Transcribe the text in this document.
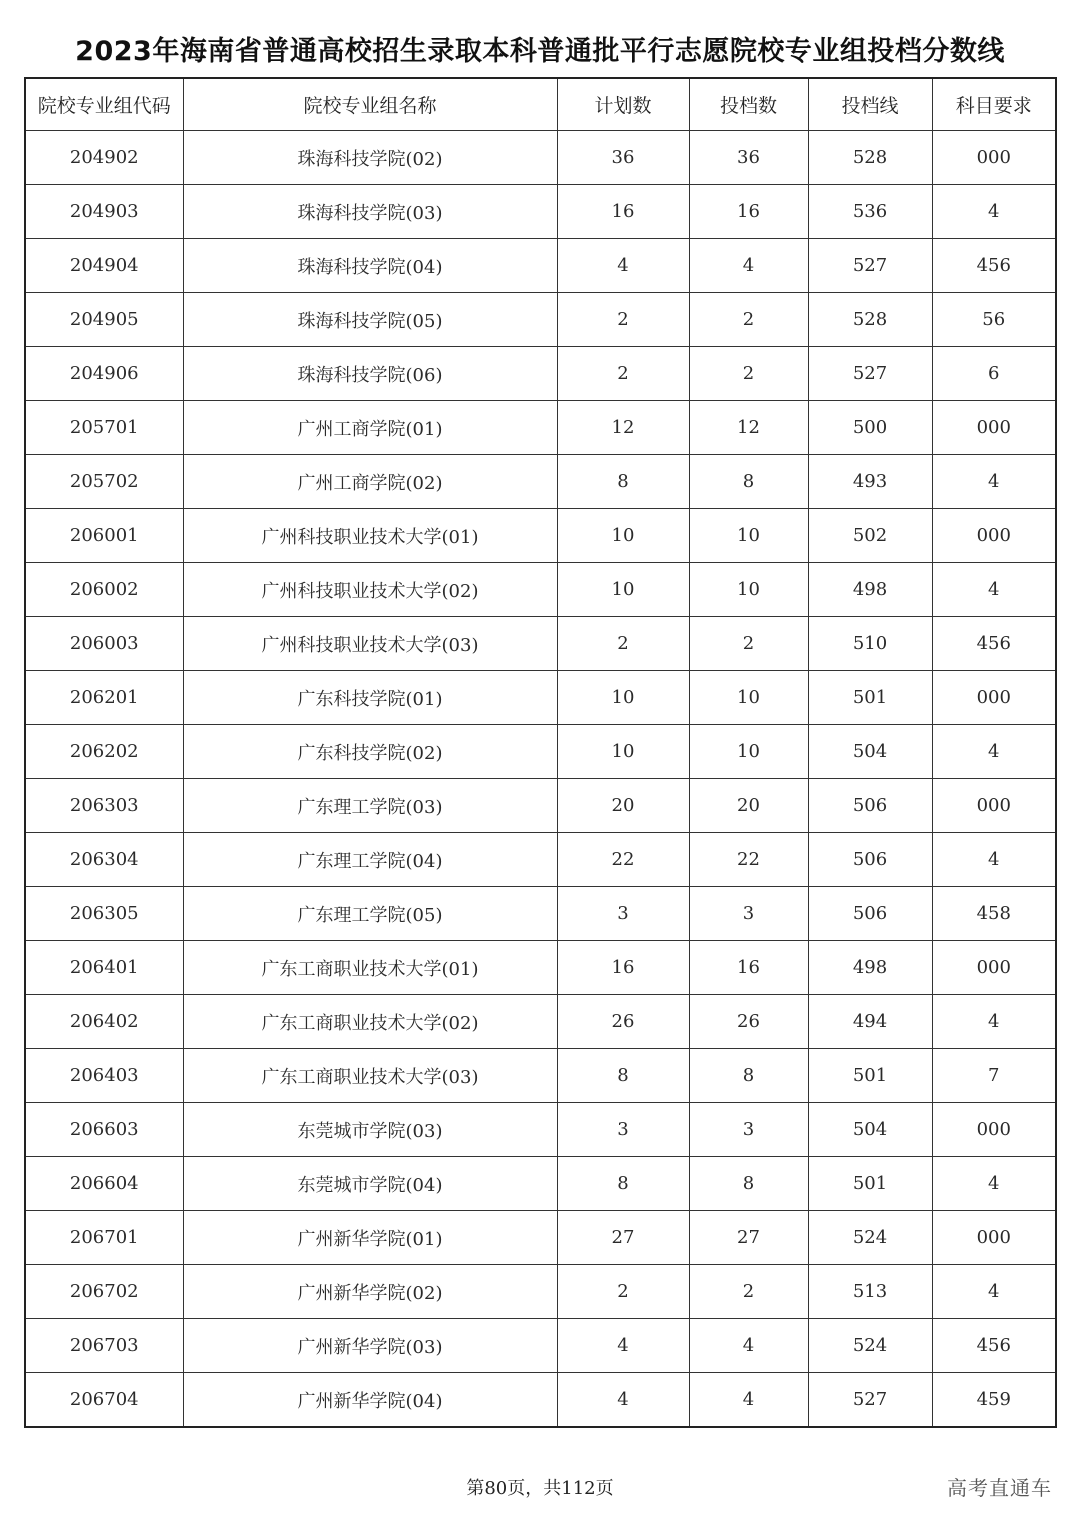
2023年海南省普通高校招生录取本科普通批平行志愿院校专业组投档分数线
院校专业组代码	院校专业组名称	计划数	投档数	投档线	科目要求
204902	珠海科技学院(02)	36	36	528	000
204903	珠海科技学院(03)	16	16	536	4
204904	珠海科技学院(04)	4	4	527	456
204905	珠海科技学院(05)	2	2	528	56
204906	珠海科技学院(06)	2	2	527	6
205701	广州工商学院(01)	12	12	500	000
205702	广州工商学院(02)	8	8	493	4
206001	广州科技职业技术大学(01)	10	10	502	000
206002	广州科技职业技术大学(02)	10	10	498	4
206003	广州科技职业技术大学(03)	2	2	510	456
206201	广东科技学院(01)	10	10	501	000
206202	广东科技学院(02)	10	10	504	4
206303	广东理工学院(03)	20	20	506	000
206304	广东理工学院(04)	22	22	506	4
206305	广东理工学院(05)	3	3	506	458
206401	广东工商职业技术大学(01)	16	16	498	000
206402	广东工商职业技术大学(02)	26	26	494	4
206403	广东工商职业技术大学(03)	8	8	501	7
206603	东莞城市学院(03)	3	3	504	000
206604	东莞城市学院(04)	8	8	501	4
206701	广州新华学院(01)	27	27	524	000
206702	广州新华学院(02)	2	2	513	4
206703	广州新华学院(03)	4	4	524	456
206704	广州新华学院(04)	4	4	527	459
第80页，共112页	高考直通车
